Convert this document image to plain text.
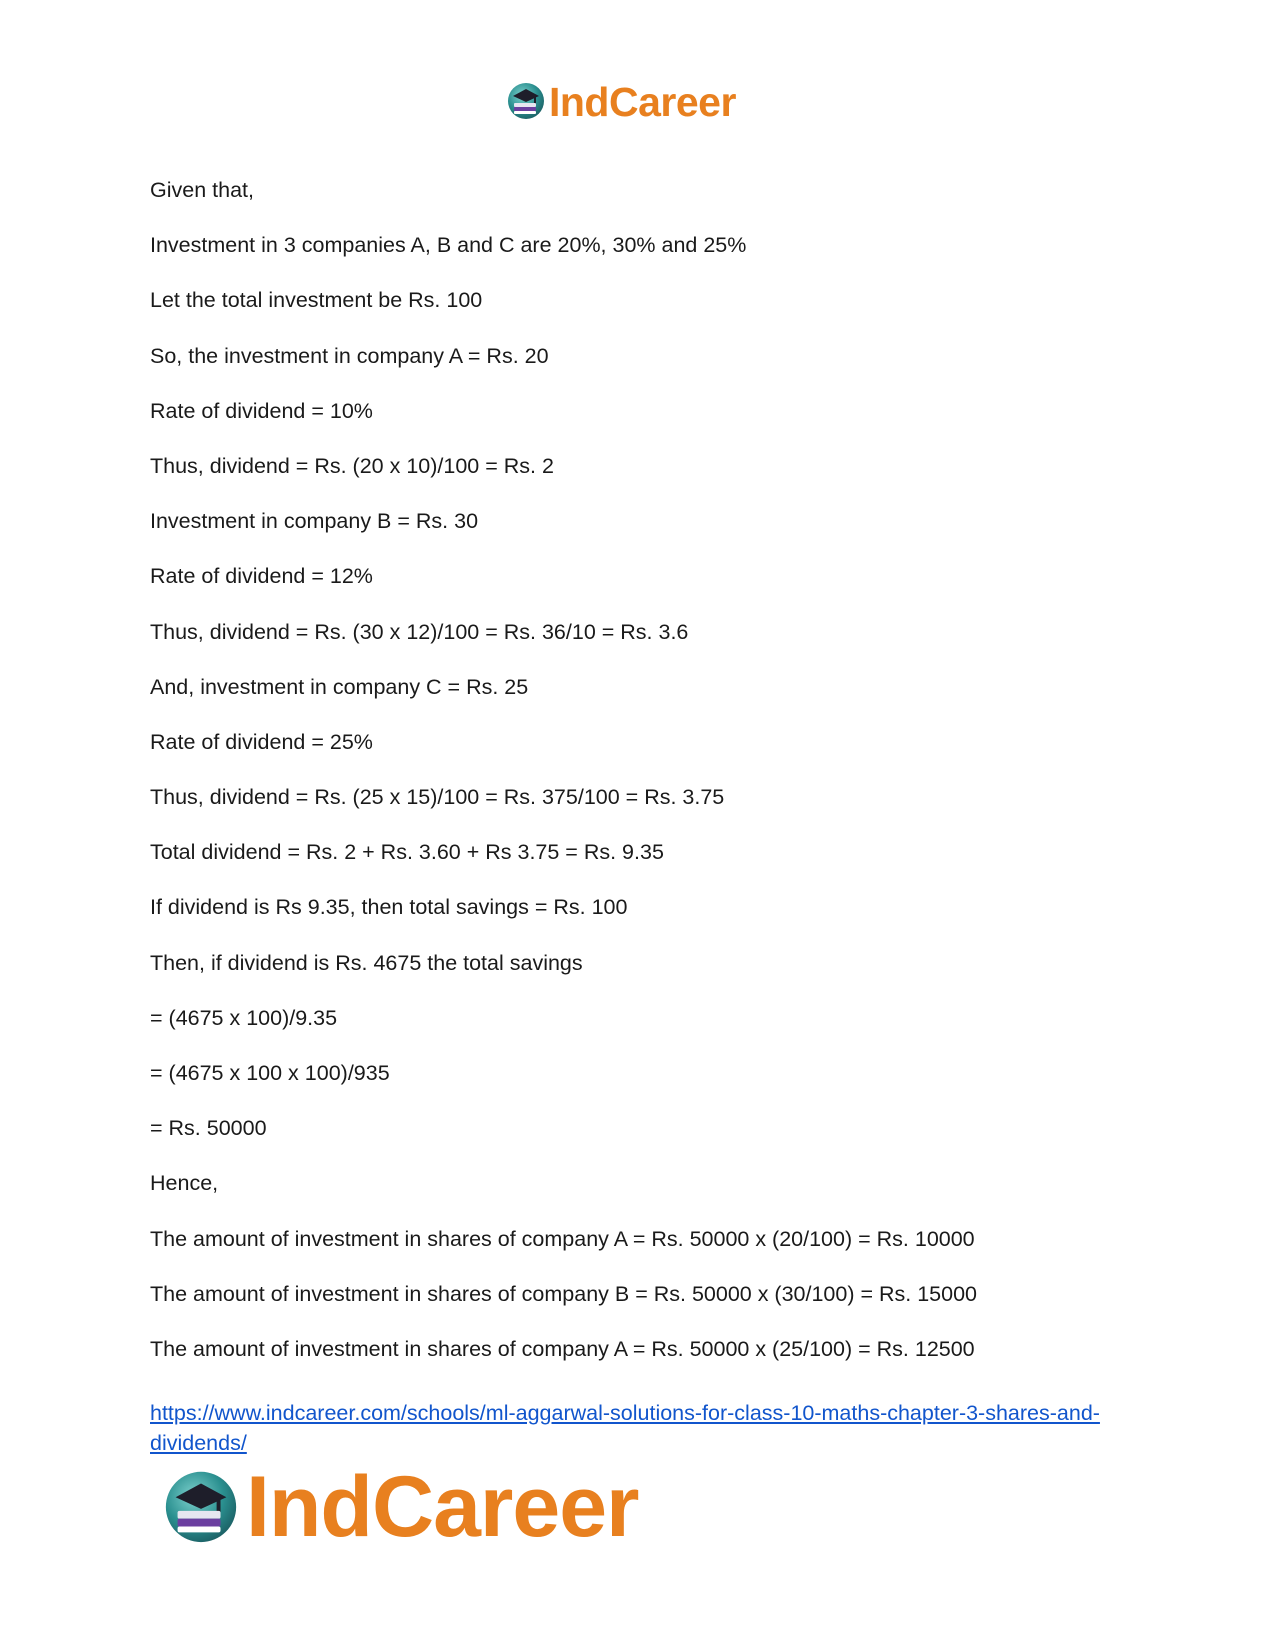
IndCareer
Given that,
Investment in 3 companies A, B and C are 20%, 30% and 25%
Let the total investment be Rs. 100
So, the investment in company A = Rs. 20
Rate of dividend = 10%
Thus, dividend = Rs. (20 x 10)/100 = Rs. 2
Investment in company B = Rs. 30
Rate of dividend = 12%
Thus, dividend = Rs. (30 x 12)/100 = Rs. 36/10 = Rs. 3.6
And, investment in company C = Rs. 25
Rate of dividend = 25%
Thus, dividend = Rs. (25 x 15)/100 = Rs. 375/100 = Rs. 3.75
Total dividend = Rs. 2 + Rs. 3.60 + Rs 3.75 = Rs. 9.35
If dividend is Rs 9.35, then total savings = Rs. 100
Then, if dividend is Rs. 4675 the total savings
= (4675 x 100)/9.35
= (4675 x 100 x 100)/935
= Rs. 50000
Hence,
The amount of investment in shares of company A = Rs. 50000 x (20/100) = Rs. 10000
The amount of investment in shares of company B = Rs. 50000 x (30/100) = Rs. 15000
The amount of investment in shares of company A = Rs. 50000 x (25/100) = Rs. 12500
https://www.indcareer.com/schools/ml-aggarwal-solutions-for-class-10-maths-chapter-3-shares-and-dividends/
IndCareer
